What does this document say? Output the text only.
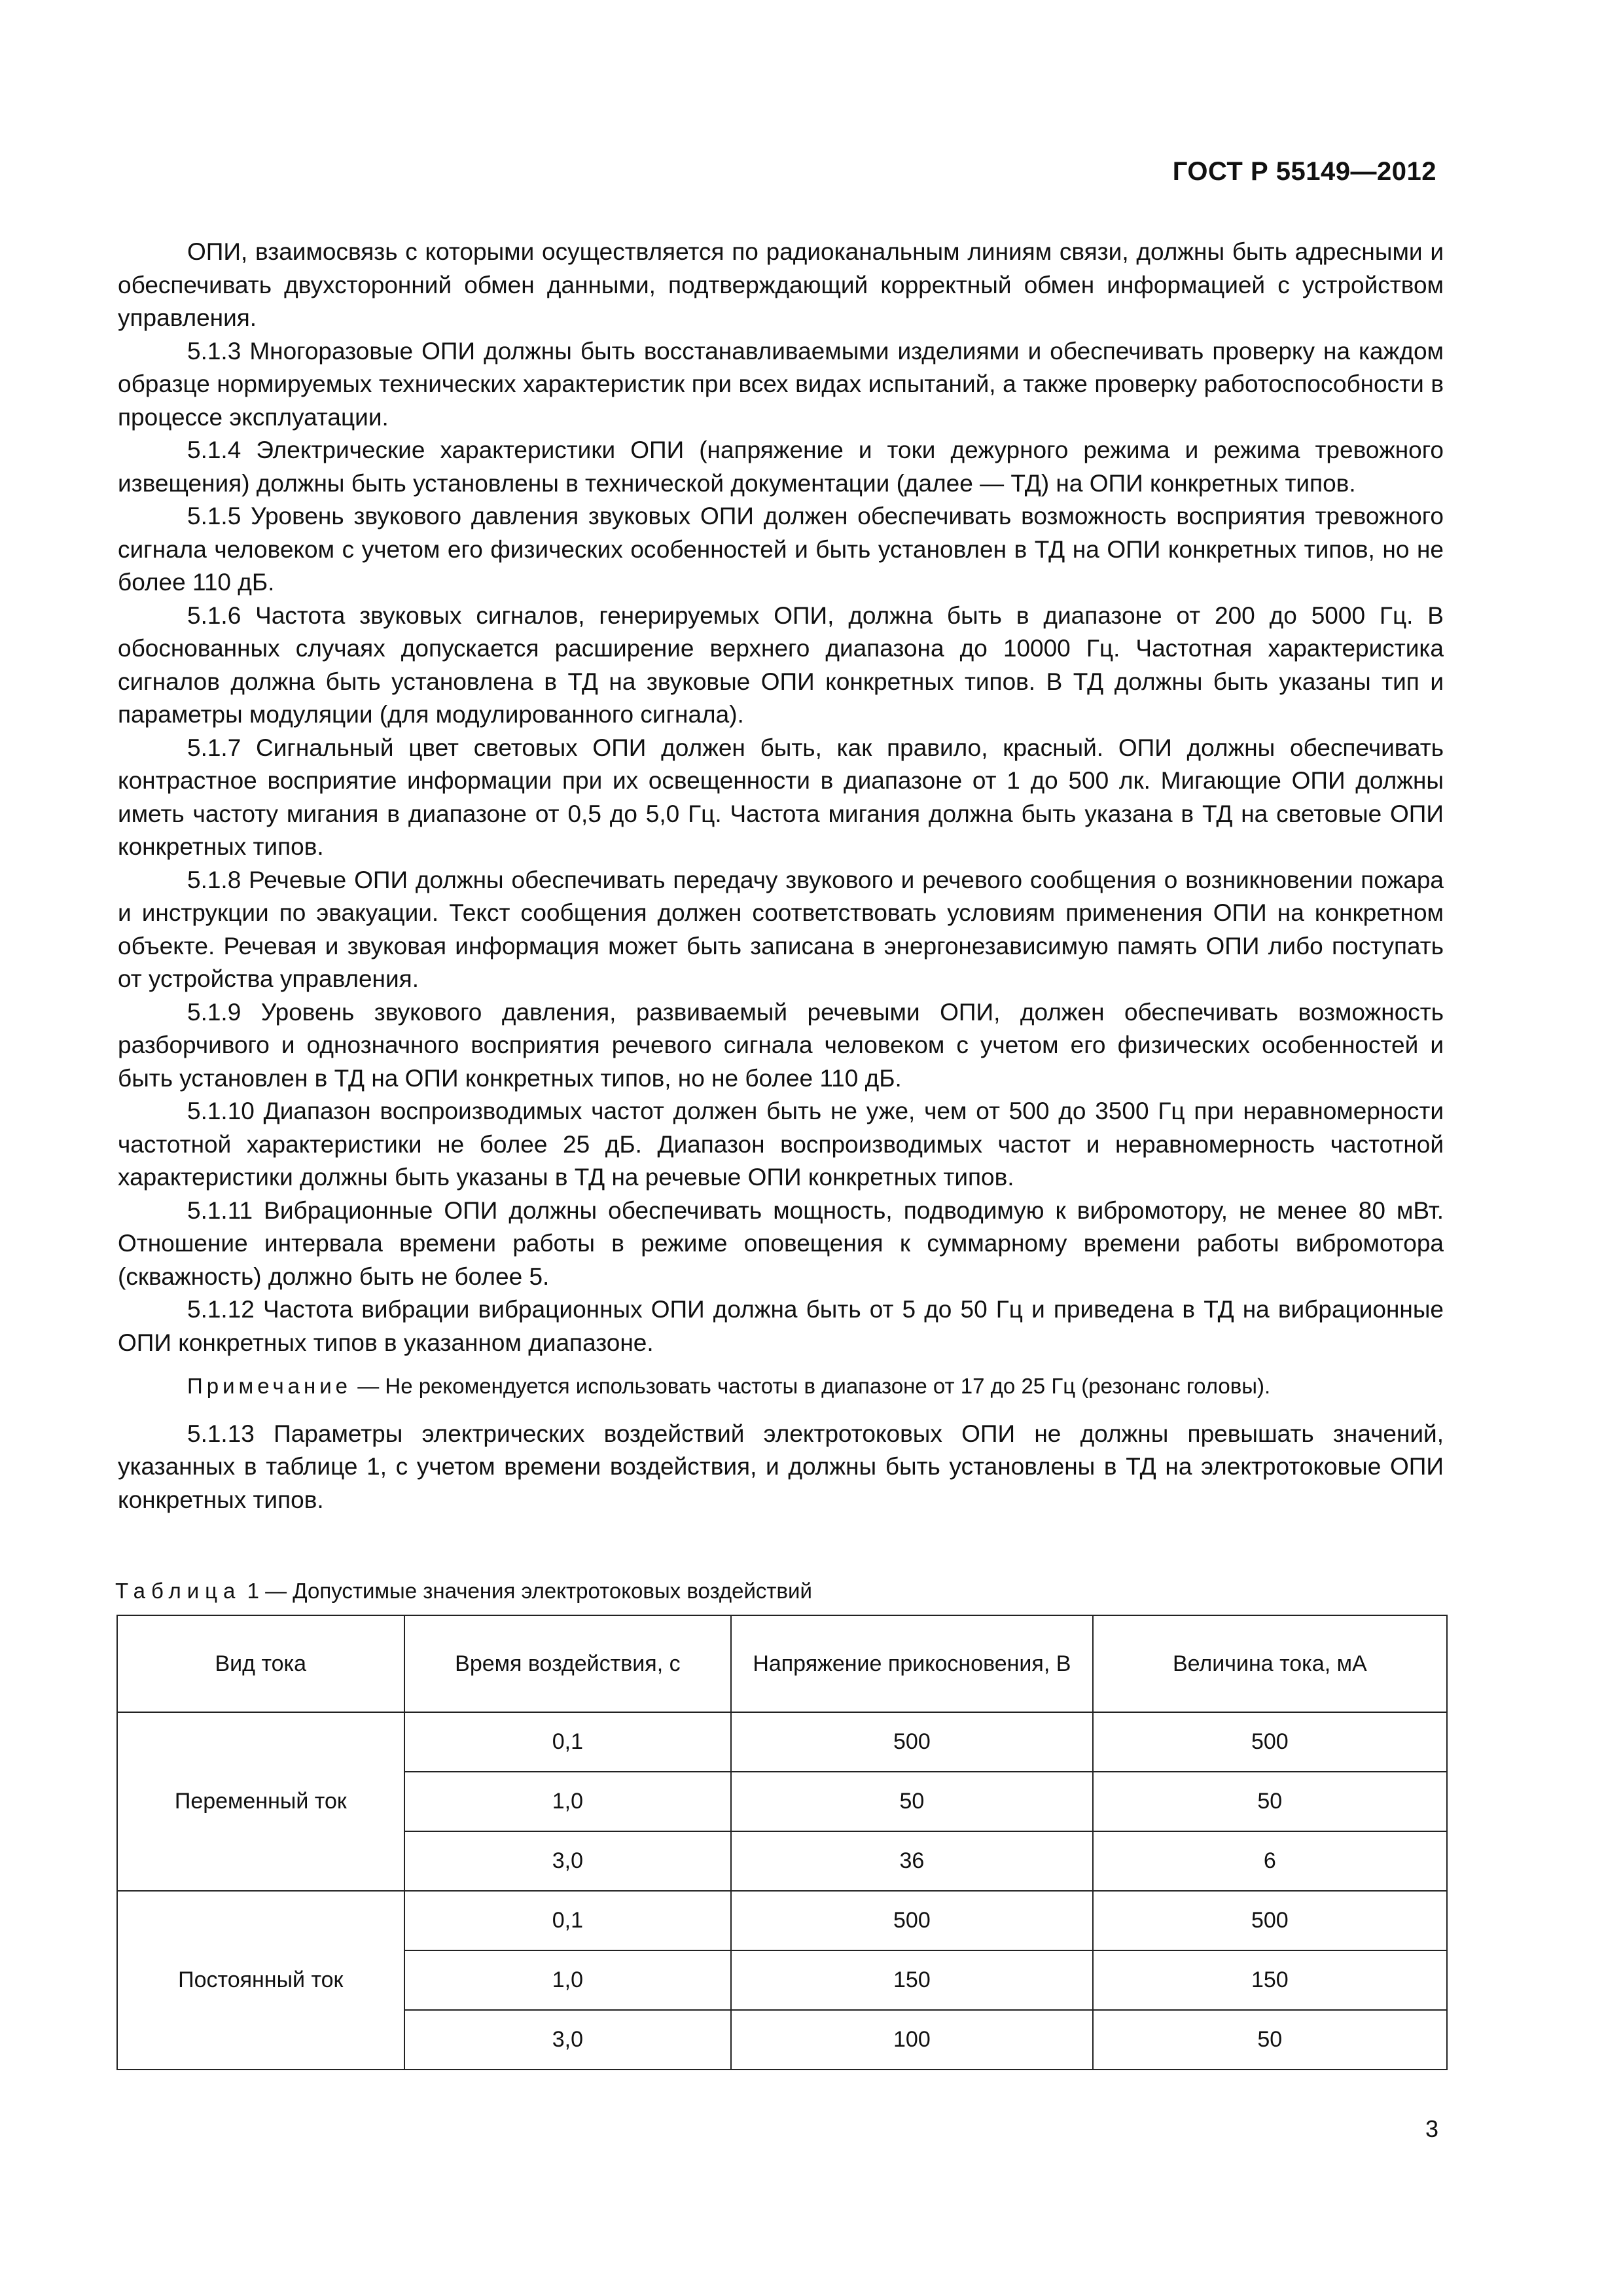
ГОСТ Р 55149—2012

ОПИ, взаимосвязь с которыми осуществляется по радиоканальным линиям связи, должны быть адресными и обеспечивать двухсторонний обмен данными, подтверждающий корректный обмен информацией с устройством управления.

5.1.3 Многоразовые ОПИ должны быть восстанавливаемыми изделиями и обеспечивать проверку на каждом образце нормируемых технических характеристик при всех видах испытаний, а также проверку работоспособности в процессе эксплуатации.

5.1.4 Электрические характеристики ОПИ (напряжение и токи дежурного режима и режима тревожного извещения) должны быть установлены в технической документации (далее — ТД) на ОПИ конкретных типов.

5.1.5 Уровень звукового давления звуковых ОПИ должен обеспечивать возможность восприятия тревожного сигнала человеком с учетом его физических особенностей и быть установлен в ТД на ОПИ конкретных типов, но не более 110 дБ.

5.1.6 Частота звуковых сигналов, генерируемых ОПИ, должна быть в диапазоне от 200 до 5000 Гц. В обоснованных случаях допускается расширение верхнего диапазона до 10000 Гц. Частотная характеристика сигналов должна быть установлена в ТД на звуковые ОПИ конкретных типов. В ТД должны быть указаны тип и параметры модуляции (для модулированного сигнала).

5.1.7 Сигнальный цвет световых ОПИ должен быть, как правило, красный. ОПИ должны обеспечивать контрастное восприятие информации при их освещенности в диапазоне от 1 до 500 лк. Мигающие ОПИ должны иметь частоту мигания в диапазоне от 0,5 до 5,0 Гц. Частота мигания должна быть указана в ТД на световые ОПИ конкретных типов.

5.1.8 Речевые ОПИ должны обеспечивать передачу звукового и речевого сообщения о возникновении пожара и инструкции по эвакуации. Текст сообщения должен соответствовать условиям применения ОПИ на конкретном объекте. Речевая и звуковая информация может быть записана в энергонезависимую память ОПИ либо поступать от устройства управления.

5.1.9 Уровень звукового давления, развиваемый речевыми ОПИ, должен обеспечивать возможность разборчивого и однозначного восприятия речевого сигнала человеком с учетом его физических особенностей и быть установлен в ТД на ОПИ конкретных типов, но не более 110 дБ.

5.1.10 Диапазон воспроизводимых частот должен быть не уже, чем от 500 до 3500 Гц при неравномерности частотной характеристики не более 25 дБ. Диапазон воспроизводимых частот и неравномерность частотной характеристики должны быть указаны в ТД на речевые ОПИ конкретных типов.

5.1.11 Вибрационные ОПИ должны обеспечивать мощность, подводимую к вибромотору, не менее 80 мВт. Отношение интервала времени работы в режиме оповещения к суммарному времени работы вибромотора (скважность) должно быть не более 5.

5.1.12 Частота вибрации вибрационных ОПИ должна быть от 5 до 50 Гц и приведена в ТД на вибрационные ОПИ конкретных типов в указанном диапазоне.

Примечание — Не рекомендуется использовать частоты в диапазоне от 17 до 25 Гц (резонанс головы).

5.1.13 Параметры электрических воздействий электротоковых ОПИ не должны превышать значений, указанных в таблице 1, с учетом времени воздействия, и должны быть установлены в ТД на электротоковые ОПИ конкретных типов.

Таблица 1 — Допустимые значения электротоковых воздействий
Вид тока	Время воздействия, с	Напряжение прикосновения, В	Величина тока, мА
Переменный ток	0,1	500	500
	1,0	50	50
	3,0	36	6
Постоянный ток	0,1	500	500
	1,0	150	150
	3,0	100	50
3
